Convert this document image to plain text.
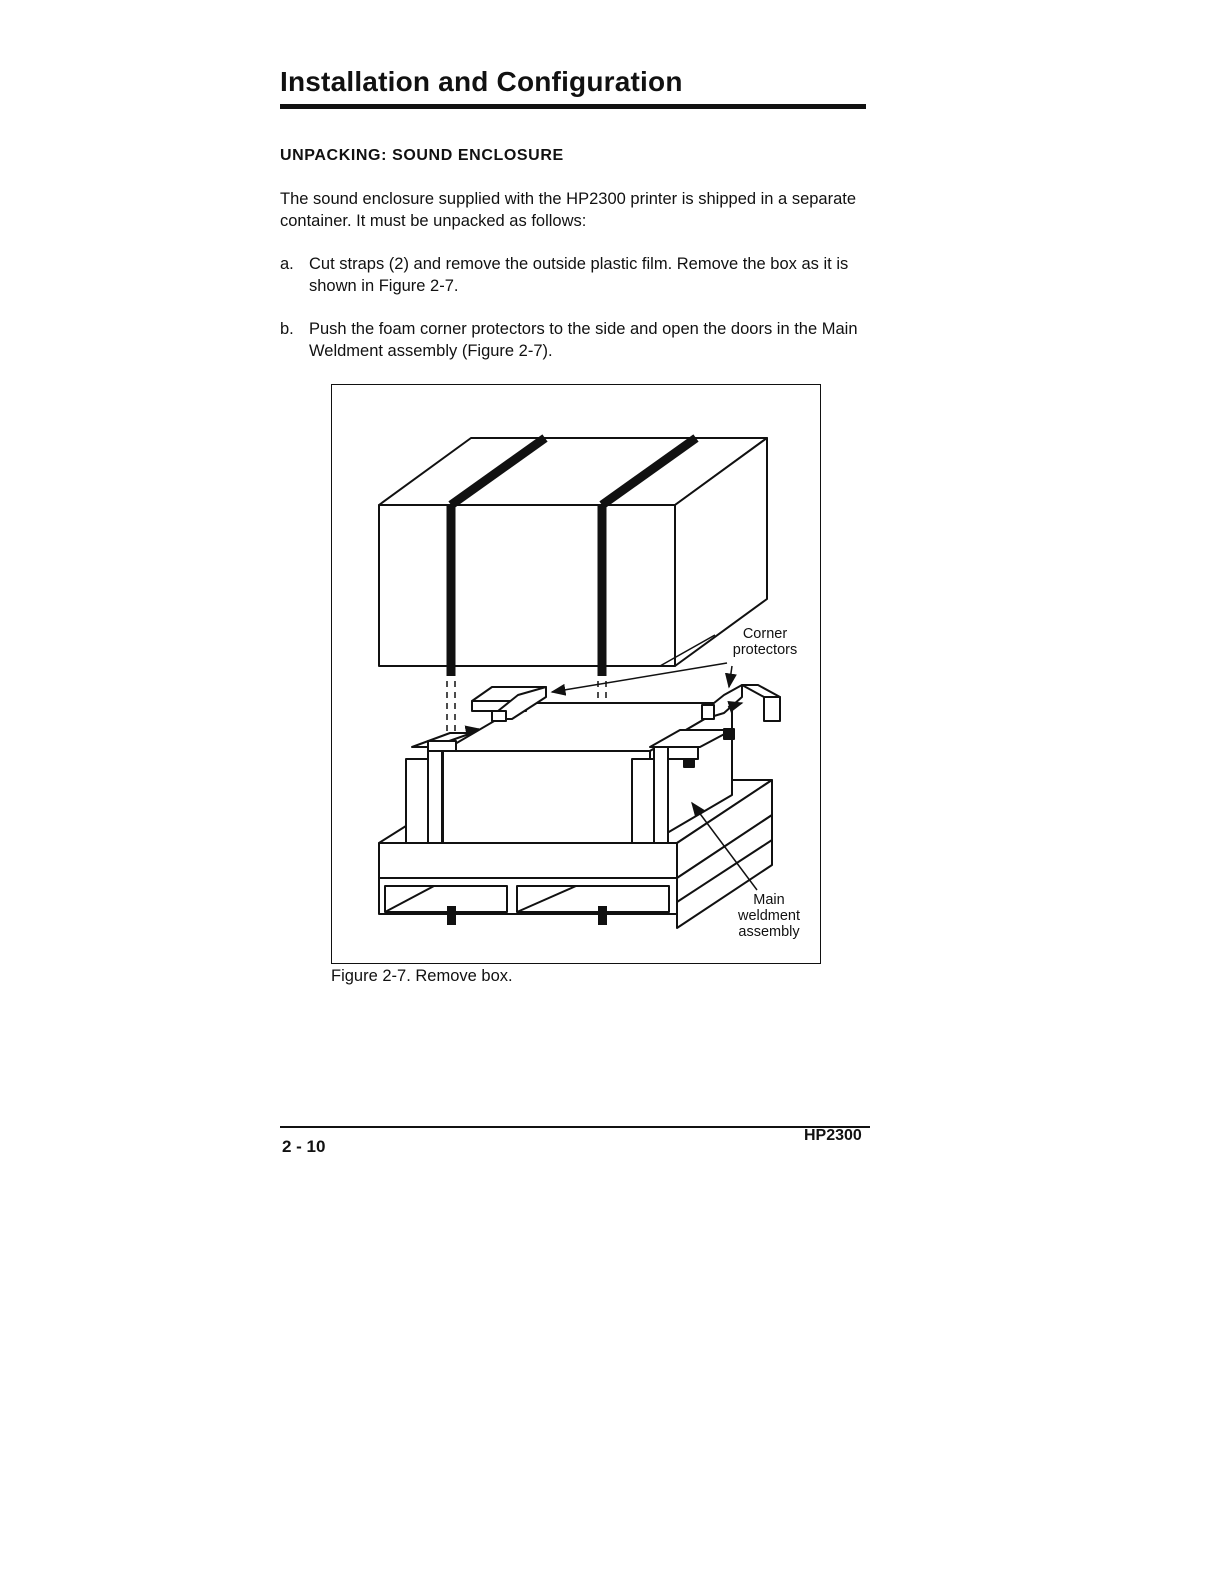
Installation and Configuration
UNPACKING: SOUND ENCLOSURE

The sound enclosure supplied with the HP2300 printer is shipped in a separate container. It must be unpacked as follows:

a. Cut straps (2) and remove the outside plastic film. Remove the box as it is shown in Figure 2-7.
b. Push the foam corner protectors to the side and open the doors in the Main Weldment assembly (Figure 2-7).
Corner protectors
Main weldment assembly

Figure 2-7. Remove box.

2 - 10
HP2300
